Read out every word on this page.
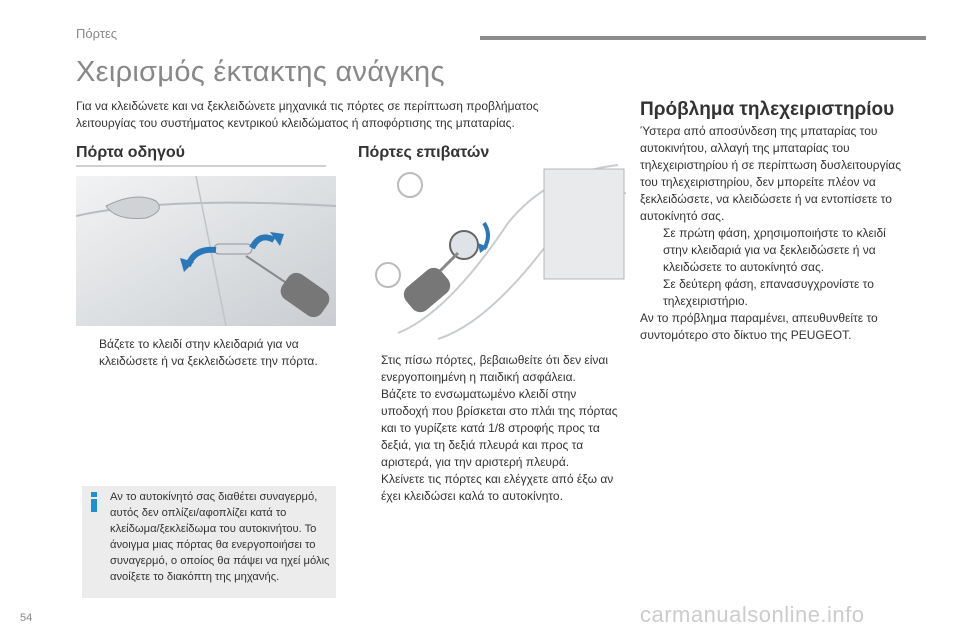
Πόρτες
Χειρισμός έκτακτης ανάγκης
Για να κλειδώνετε και να ξεκλειδώνετε μηχανικά τις πόρτες σε περίπτωση προβλήματος λειτουργίας του συστήματος κεντρικού κλειδώματος ή αποφόρτισης της μπαταρίας.
Πόρτα οδηγού	Πόρτες επιβατών
Πρόβλημα τηλεχειριστηρίου
Βάζετε το κλειδί στην κλειδαριά για να κλειδώσετε ή να ξεκλειδώσετε την πόρτα.	Στις πίσω πόρτες, βεβαιωθείτε ότι δεν είναι ενεργοποιημένη η παιδική ασφάλεια.
Βάζετε το ενσωματωμένο κλειδί στην υποδοχή που βρίσκεται στο πλάι της πόρτας και το γυρίζετε κατά 1/8 στροφής προς τα δεξιά, για τη δεξιά πλευρά και προς τα αριστερά, για την αριστερή πλευρά.
Κλείνετε τις πόρτες και ελέγχετε από έξω αν έχει κλειδώσει καλά το αυτοκίνητο.
Αν το αυτοκίνητό σας διαθέτει συναγερμό, αυτός δεν οπλίζει/αφοπλίζει κατά το κλείδωμα/ξεκλείδωμα του αυτοκινήτου. Το άνοιγμα μιας πόρτας θα ενεργοποιήσει το συναγερμό, ο οποίος θα πάψει να ηχεί μόλις ανοίξετε το διακόπτη της μηχανής.

Ύστερα από αποσύνδεση της μπαταρίας του αυτοκινήτου, αλλαγή της μπαταρίας του τηλεχειριστηρίου ή σε περίπτωση δυσλειτουργίας του τηλεχειριστηρίου, δεν μπορείτε πλέον να ξεκλειδώσετε, να κλειδώσετε ή να εντοπίσετε το αυτοκίνητό σας.

Σε πρώτη φάση, χρησιμοποιήστε το κλειδί στην κλειδαριά για να ξεκλειδώσετε ή να κλειδώσετε το αυτοκίνητό σας.
Σε δεύτερη φάση, επανασυγχρονίστε το τηλεχειριστήριο.

Αν το πρόβλημα παραμένει, απευθυνθείτε το συντομότερο στο δίκτυο της PEUGEOT.

54	carmanualsonline.info
